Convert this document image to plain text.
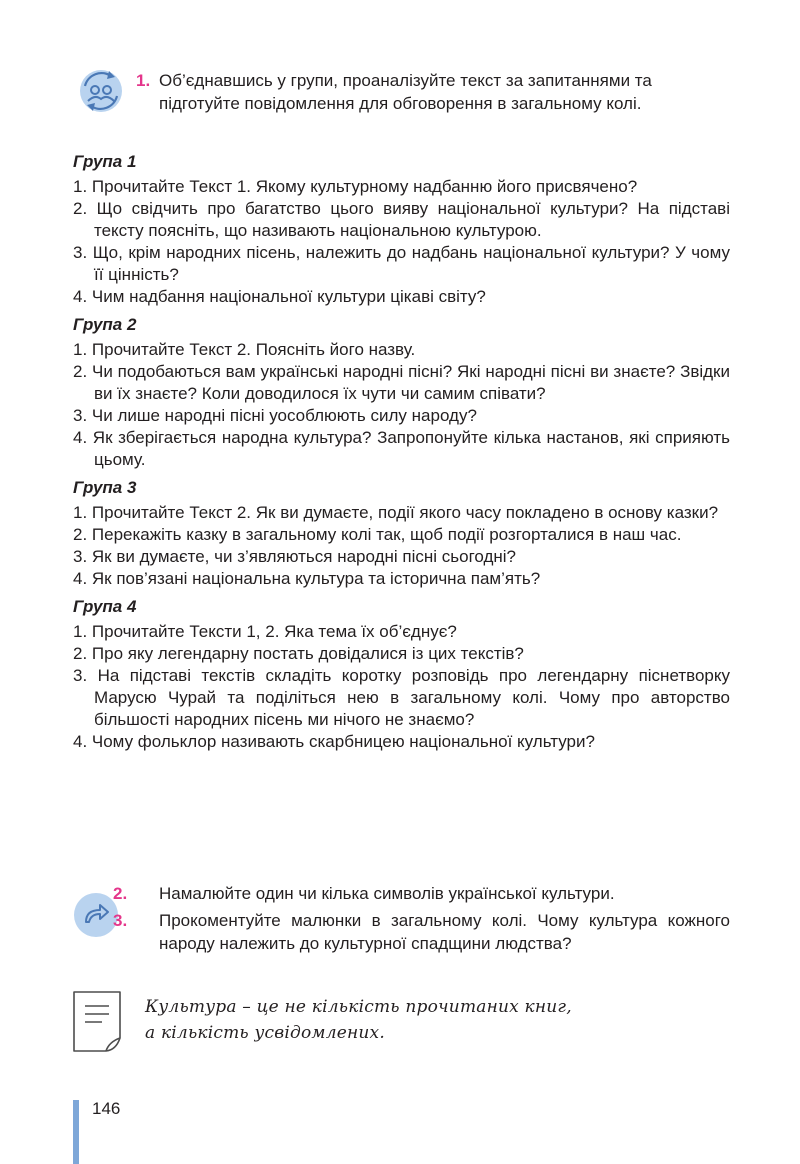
1. Об’єднавшись у групи, проаналізуйте текст за запитаннями та
підготуйте повідомлення для обговорення в загальному колі.
Група 1

1. Прочитайте Текст 1. Якому культурному надбанню його присвячено?

2. Що свідчить про багатство цього вияву національної культури? На підставі тексту поясніть, що називають національною культурою.

3. Що, крім народних пісень, належить до надбань національної культури? У чому її цінність?

4. Чим надбання національної культури цікаві світу?

Група 2

1. Прочитайте Текст 2. Поясніть його назву.

2. Чи подобаються вам українські народні пісні? Які народні пісні ви знаєте? Звідки ви їх знаєте? Коли доводилося їх чути чи самим співати?

3. Чи лише народні пісні уособлюють силу народу?

4. Як зберігається народна культура? Запропонуйте кілька настанов, які сприяють цьому.

Група 3

1. Прочитайте Текст 2. Як ви думаєте, події якого часу покладено в основу казки?

2. Перекажіть казку в загальному колі так, щоб події розгорталися в наш час.

3. Як ви думаєте, чи з’являються народні пісні сьогодні?

4. Як пов’язані національна культура та історична пам’ять?

Група 4

1. Прочитайте Тексти 1, 2. Яка тема їх об’єднує?

2. Про яку легендарну постать довідалися із цих текстів?

3. На підставі текстів складіть коротку розповідь про легендарну піснетворку Марусю Чурай та поділіться нею в загальному колі. Чому про авторство більшості народних пісень ми нічого не знаємо?

4. Чому фольклор називають скарбницею національної культури?

2. Намалюйте один чи кілька символів української культури.
3. Прокоментуйте малюнки в загальному колі. Чому культура кожного народу належить до культурної спадщини людства?
Культура – це не кількість прочитаних книг,
а кількість усвідомлених.
146
